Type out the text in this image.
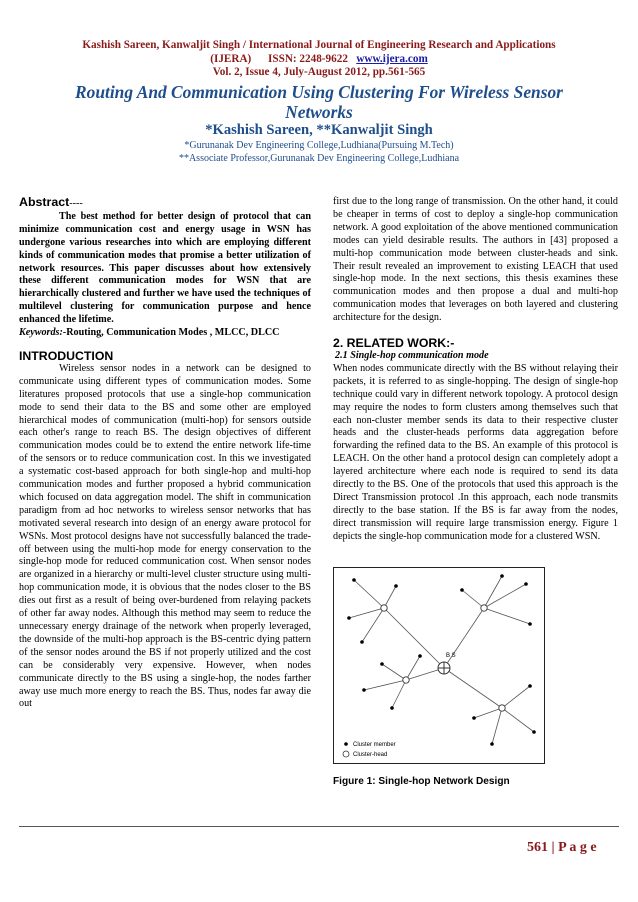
Kashish Sareen, Kanwaljit Singh / International Journal of Engineering Research and Applications
(IJERA)      ISSN: 2248-9622   www.ijera.com
Vol. 2, Issue 4, July-August 2012, pp.561-565
Routing And Communication Using Clustering For Wireless Sensor
Networks
*Kashish Sareen, **Kanwaljit Singh
*Gurunanak Dev Engineering College,Ludhiana(Pursuing M.Tech)
**Associate Professor,Gurunanak Dev Engineering College,Ludhiana

Abstract----

The best method for better design of protocol that can minimize communication cost and energy usage in WSN has undergone various researches into which are employing different kinds of communication modes that promise a better utilization of network resources. This paper discusses about how extensively these different communication modes for WSN that are hierarchically clustered and further we have used the techniques of multilevel clustering for communication purpose and hence enhanced the lifetime.

Keywords:-Routing, Communication Modes , MLCC, DLCC

INTRODUCTION

Wireless sensor nodes in a network can be designed to communicate using different types of communication modes. Some literatures proposed protocols that use a single-hop communication mode to send their data to the BS and some other are employed hierarchical modes of communication (multi-hop) for sensors outside each other's range to reach BS. The design objectives of different communication modes could be to extend the entire network life-time of the sensors or to reduce communication cost. In this we investigated a systematic cost-based approach for both single-hop and multi-hop communication modes and further proposed a hybrid communication which focused on data aggregation model. The shift in communication paradigm from ad hoc networks to wireless sensor networks that has motivated several research into design of an energy aware protocol for WSNs. Most protocol designs have not successfully balanced the trade-off between using the multi-hop mode for energy conservation to the single-hop mode for reduced communication cost. When sensor nodes are organized in a hierarchy or multi-level cluster structure using multi-hop communication mode, it is obvious that the nodes closer to the BS dies out first as a result of being over-burdened from relaying packets of other far away nodes. Although this method may seem to reduce the unnecessary energy drainage of the network when properly leveraged, the downside of the multi-hop approach is the BS-centric dying pattern of the sensor nodes around the BS if not properly utilized and the cost can be considerably very expensive. However, when nodes communicate directly to the BS using a single-hop, the nodes farther away use much more energy to reach the BS. Thus, nodes far away die out

first due to the long range of transmission. On the other hand, it could be cheaper in terms of cost to deploy a single-hop communication network. A good exploitation of the above mentioned communication modes can yield desirable results. The authors in [43] proposed a multi-hop communication mode between cluster-heads and sink. Their result revealed an improvement to existing LEACH that used single-hop mode. In the next sections, this thesis examines these communication modes and then propose a dual and multi-hop communication modes that leverages on both layered and clustering architecture for the design.

2. RELATED WORK:-

2.1 Single-hop communication mode

When nodes communicate directly with the BS without relaying their packets, it is referred to as single-hopping. The design of single-hop technique could vary in different network topology. A protocol design may require the nodes to form clusters among themselves such that each non-cluster member sends its data to their respective cluster heads and the cluster-heads performs data aggregation before forwarding the refined data to the BS. An example of this protocol is LEACH. On the other hand a protocol design can completely adopt a layered architecture where each node is required to send its data directly to the BS. One of the protocols that used this approach is the Direct Transmission protocol .In this approach, each node transmits directly to the base station. If the BS is far away from the nodes, direct transmission will require large transmission energy. Figure 1 depicts the single-hop communication mode for a clustered WSN.

B S
Cluster member
Cluster-head
Figure 1: Single-hop Network Design
561 | P a g e
